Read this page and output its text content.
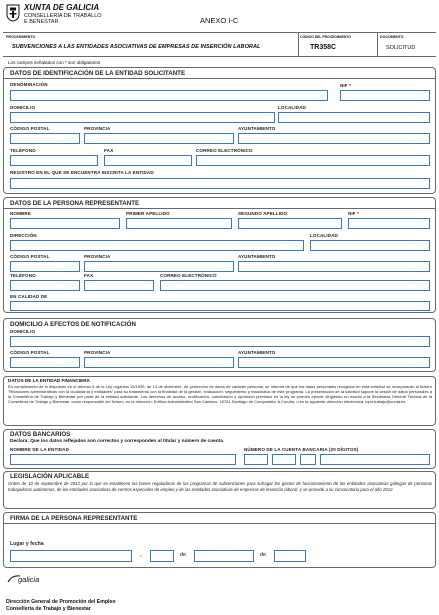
XUNTA DE GALICIA
CONSELLERÍA DE TRABALLO
E BENESTAR	ANEXO I-C
PROCEDIMENTO
SUBVENCIONES A LAS ENTIDADES ASOCIATIVAS DE EMPRESAS DE INSERCIÓN LABORAL
CÓDIGO DEL PROCEDIMIENTO
TR358C
DOCUMENTO
SOLICITUD
Los campos señalados con * son obligatorios
DATOS DE IDENTIFICACIÓN DE LA ENTIDAD SOLICITANTE
DENOMINACIÓN	NIF *
DOMICILIO	LOCALIDAD
CÓDIGO POSTAL	PROVINCIA	AYUNTAMIENTO
TELÉFONO	FAX	CORREO ELECTRÓNICO
REGISTRO EN EL QUE SE ENCUENTRA INSCRITA LA ENTIDAD
DATOS DE LA PERSONA REPRESENTANTE
NOMBRE	PRIMER APELLIDO	SEGUNDO APELLIDO	NIF *
DIRECCIÓN	LOCALIDAD
CÓDIGO POSTAL	PROVINCIA	AYUNTAMIENTO
TELÉFONO	FAX	CORREO ELECTRÓNICO
EN CALIDAD DE
DOMICILIO A EFECTOS DE NOTIFICACIÓN
DOMICILIO
CÓDIGO POSTAL	PROVINCIA	AYUNTAMIENTO
DATOS DE LA ENTIDAD FINANCIERA
En cumplimiento de lo dispuesto en el artículo 5 de la Ley orgánica 15/1999, de 13 de diciembre, de protección de datos de carácter personal, se informa de que los datos personales recogidos en esta solicitud se incorporarán al fichero "Relaciones administrativas con la ciudadanía y entidades" para su tratamiento con la finalidad de la gestión, evaluación, seguimiento y estadística de este programa. La presentación de la solicitud supone la cesión de datos personales a la Consellería de Trabajo y Bienestar por parte de la entidad solicitante. Los derechos de acceso, rectificación, cancelación y oposición previstos en la ley se pueden ejercer dirigiendo un escrito a la Secretaría General Técnica de la Consellería de Trabajo y Bienestar, como responsable del fichero, en la dirección: Edificio Administrativo San Caetano, 15781 Santiago de Compostela, A Coruña, o en la siguiente dirección electrónica: lopd.trabajo@xunta.es
DATOS BANCARIOS
Declara: Que los datos reflejados son correctos y corresponden al titular y número de cuenta
NOMBRE DE LA ENTIDAD	NÚMERO DE LA CUENTA BANCARIA (20 DÍGITOS)
LEGISLACIÓN APLICABLE
Orden de 10 de septiembre de 2012 por la que se establecen las bases reguladoras de los programas de subvenciones para sufragar los gastos de funcionamiento de las entidades asociativas gallegas de personas trabajadoras autónomas, de las entidades asociativas de centros especiales de empleo y de las entidades asociativas de empresas de inserción laboral, y se procede a su convocatoria para el año 2012.
FIRMA DE LA PERSONA REPRESENTANTE
Lugar y fecha
,	de	de
galicia
Dirección General de Promoción del Empleo
Consellería de Trabajo y Bienestar
